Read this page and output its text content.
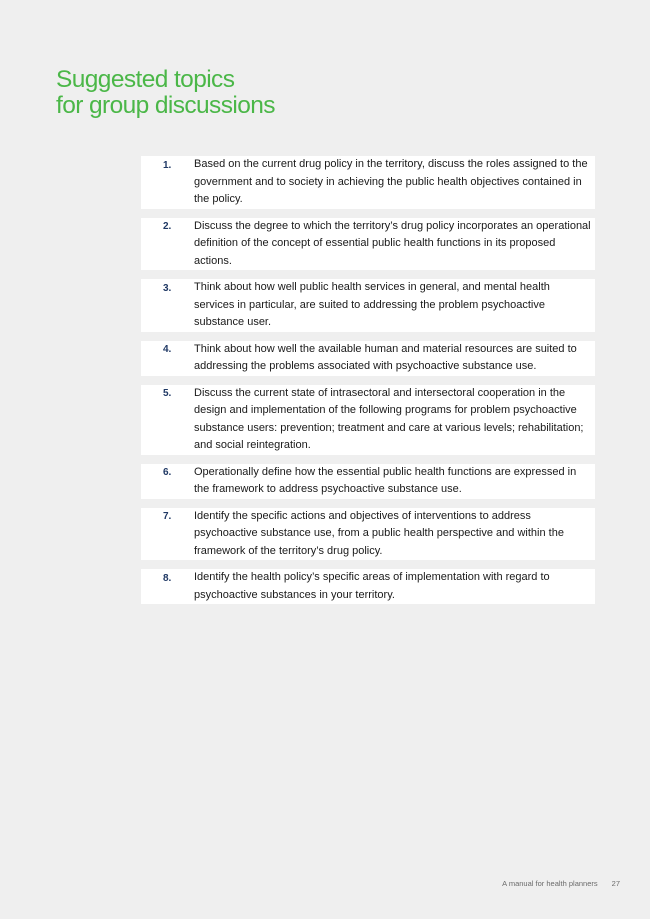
Suggested topics
for group discussions
1.	Based on the current drug policy in the territory, discuss the roles assigned to the government and to society in achieving the public health objectives contained in the policy.
2.	Discuss the degree to which the territory’s drug policy incorporates an operational definition of the concept of essential public health functions in its proposed actions.
3.	Think about how well public health services in general, and mental health services in particular, are suited to addressing the problem psychoactive substance user.
4.	Think about how well the available human and material resources are suited to addressing the problems associated with psychoactive substance use.
5.	Discuss the current state of intrasectoral and intersectoral cooperation in the design and implementation of the following programs for problem psychoactive substance users: prevention; treatment and care at various levels; rehabilitation; and social reintegration.
6.	Operationally define how the essential public health functions are expressed in the framework to address psychoactive substance use.
7.	Identify the specific actions and objectives of interventions to address psychoactive substance use, from a public health perspective and within the framework of the territory’s drug policy.
8.	Identify the health policy’s specific areas of implementation with regard to psychoactive substances in your territory.
A manual for health planners 27
